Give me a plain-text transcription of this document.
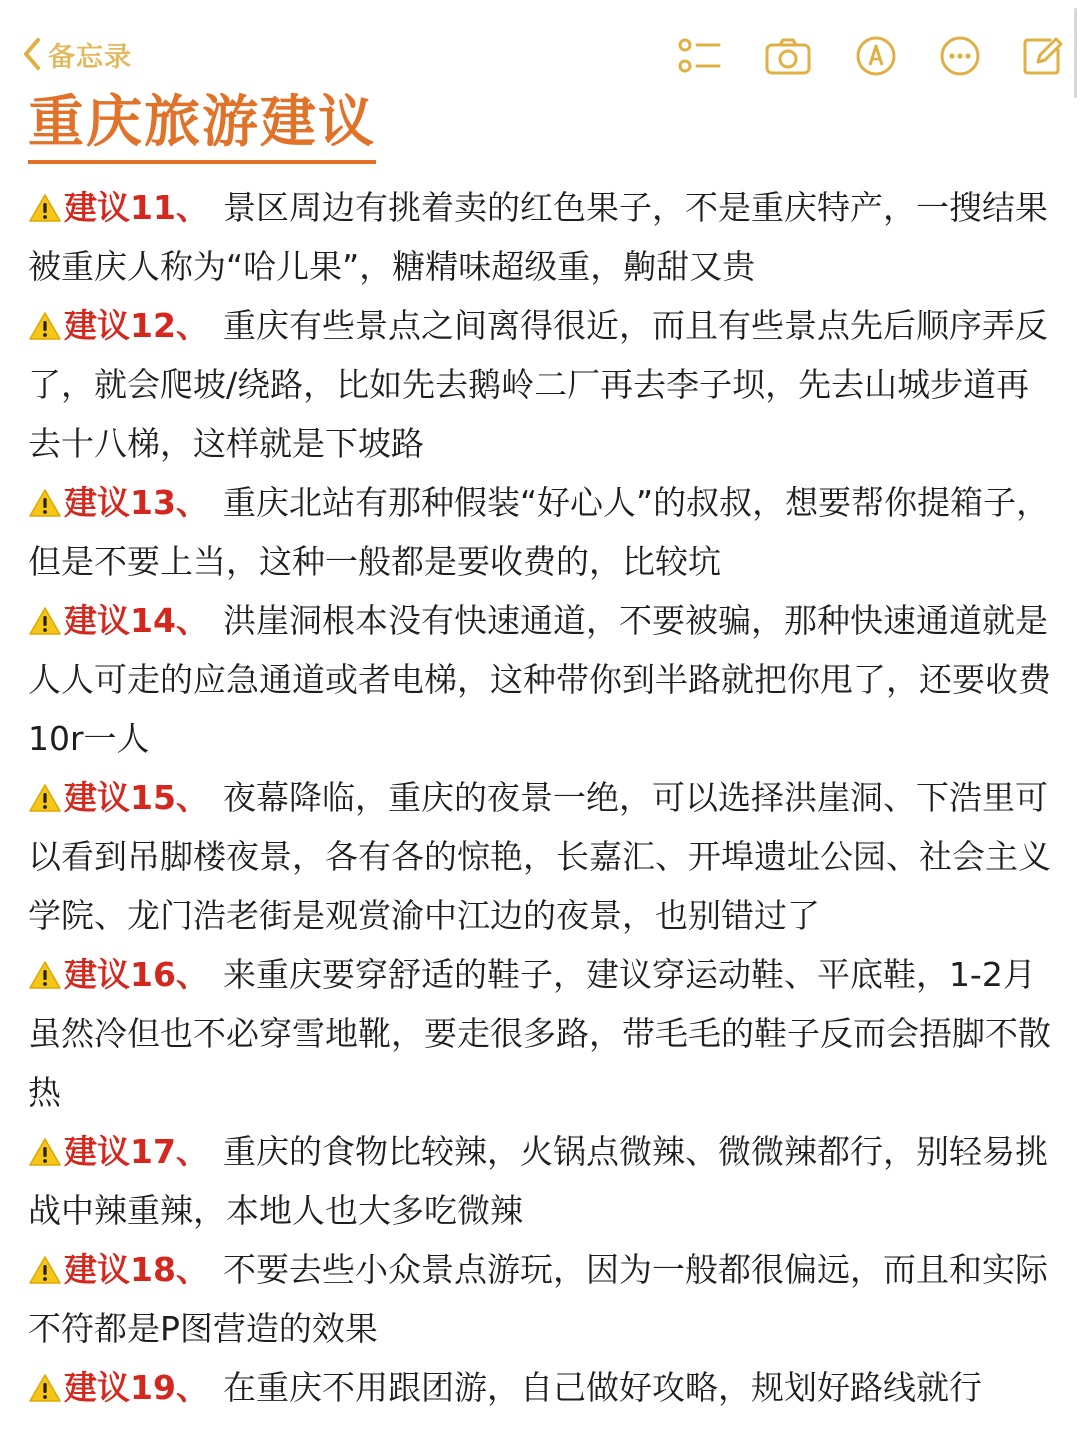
备忘录
重庆旅游建议

建议11、 景区周边有挑着卖的红色果子，不是重庆特产，一搜结果被重庆人称为“哈儿果”，糖精味超级重，齁甜又贵

建议12、 重庆有些景点之间离得很近，而且有些景点先后顺序弄反了，就会爬坡/绕路，比如先去鹅岭二厂再去李子坝，先去山城步道再去十八梯，这样就是下坡路

建议13、 重庆北站有那种假装“好心人”的叔叔，想要帮你提箱子，但是不要上当，这种一般都是要收费的，比较坑

建议14、 洪崖洞根本没有快速通道，不要被骗，那种快速通道就是人人可走的应急通道或者电梯，这种带你到半路就把你甩了，还要收费10r一人

建议15、 夜幕降临，重庆的夜景一绝，可以选择洪崖洞、下浩里可以看到吊脚楼夜景，各有各的惊艳，长嘉汇、开埠遗址公园、社会主义学院、龙门浩老街是观赏渝中江边的夜景，也别错过了

建议16、 来重庆要穿舒适的鞋子，建议穿运动鞋、平底鞋，1-2月虽然冷但也不必穿雪地靴，要走很多路，带毛毛的鞋子反而会捂脚不散热

建议17、 重庆的食物比较辣，火锅点微辣、微微辣都行，别轻易挑战中辣重辣，本地人也大多吃微辣

建议18、 不要去些小众景点游玩，因为一般都很偏远，而且和实际不符都是P图营造的效果

建议19、 在重庆不用跟团游，自己做好攻略，规划好路线就行
